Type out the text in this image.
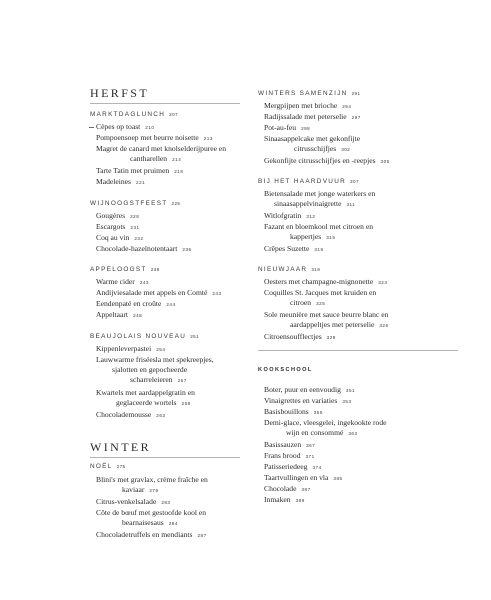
HERFST
MARKTDAGLUNCH 207
Cèpes op toast 210
Pompoensoep met beurre noisette 213
Magret de canard met knolselderijpuree en
cantharellen 214
Tarte Tatin met pruimen 218
Madeleines 221
WIJNOOGSTFEEST 225
Gougères 228
Escargots 231
Coq au vin 232
Chocolade-hazelnotentaart 236
APPELOOGST 238
Warme cider 243
Andijviesalade met appels en Comté 243
Eendenpaté en croûte 244
Appeltaart 248
BEAUJOLAIS NOUVEAU 251
Kippenleverpastei 254
Lauwwarme friséesla met spekreepjes,
sjalotten en gepocheerde
scharreleieren 257
Kwartels met aardappelgratin en
geglaceerde wortels 258
Chocolademousse 263
WINTER
NOËL 275
Blini's met gravlax, crème fraîche en
kaviaar 279
Citrus-venkelsalade 283
Côte de bœuf met gestoofde kool en
bearnaisesaus 284
Chocoladetruffels en mendiants 287
WINTERS SAMENZIJN 291
Mergpijpen met brioche 294
Radijssalade met peterselie 297
Pot-au-feu 298
Sinaasappelcake met gekonfijte
citrusschijfjes 302
Gekonfijte citrusschijfjes en -reepjes 305
BIJ HET HAARDVUUR 307
Bietensalade met jonge waterkers en
sinaasappelvinaigrette 311
Witlofgratin 312
Fazant en bloemkool met citroen en
kappertjes 315
Crêpes Suzette 316
NIEUWJAAR 319
Oesters met champagne-mignonette 323
Coquilles St. Jacques met kruiden en
citroen 325
Sole meunière met sauce beurre blanc en
aardappeltjes met peterselie 326
Citroensoufflectjes 329
KOOKSCHOOL
Boter, puur en eenvoudig 351
Vinaigrettes en variaties 353
Basisbouillons 355
Demi-glace, vleesgelei, ingekookte rode
wijn en consommé 363
Basissauzen 367
Frans brood 371
Patisseriedeeg 374
Taartvullingen en vla 385
Chocolade 387
Inmaken 389
